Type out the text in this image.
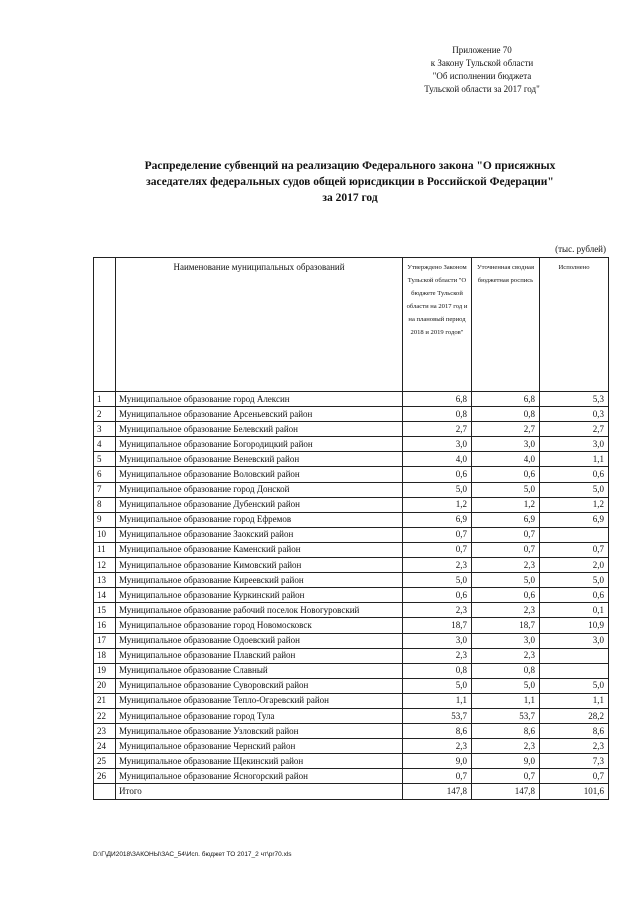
Приложение 70
к Закону Тульской области
"Об исполнении бюджета
Тульской области за 2017 год"
Распределение субвенций на реализацию Федерального закона "О присяжных
заседателях федеральных судов общей юрисдикции в Российской Федерации"
за 2017 год
(тыс. рублей)
	Наименование муниципальных образований	Утверждено Законом Тульской области "О бюджете Тульской области на 2017 год и на плановый период 2018 и 2019 годов"	Уточненная сводная бюджетная роспись	Исполнено
1	Муниципальное образование город Алексин	6,8	6,8	5,3
2	Муниципальное образование Арсеньевский район	0,8	0,8	0,3
3	Муниципальное образование Белевский район	2,7	2,7	2,7
4	Муниципальное образование Богородицкий район	3,0	3,0	3,0
5	Муниципальное образование Веневский район	4,0	4,0	1,1
6	Муниципальное образование Воловский район	0,6	0,6	0,6
7	Муниципальное образование город Донской	5,0	5,0	5,0
8	Муниципальное образование Дубенский район	1,2	1,2	1,2
9	Муниципальное образование город Ефремов	6,9	6,9	6,9
10	Муниципальное образование Заокский район	0,7	0,7	
11	Муниципальное образование Каменский район	0,7	0,7	0,7
12	Муниципальное образование Кимовский район	2,3	2,3	2,0
13	Муниципальное образование Киреевский район	5,0	5,0	5,0
14	Муниципальное образование Куркинский район	0,6	0,6	0,6
15	Муниципальное образование рабочий поселок Новогуровский	2,3	2,3	0,1
16	Муниципальное образование город Новомосковск	18,7	18,7	10,9
17	Муниципальное образование Одоевский район	3,0	3,0	3,0
18	Муниципальное образование Плавский район	2,3	2,3	
19	Муниципальное образование Славный	0,8	0,8	
20	Муниципальное образование Суворовский район	5,0	5,0	5,0
21	Муниципальное образование Тепло-Огаревский район	1,1	1,1	1,1
22	Муниципальное образование город Тула	53,7	53,7	28,2
23	Муниципальное образование Узловский район	8,6	8,6	8,6
24	Муниципальное образование Чернский район	2,3	2,3	2,3
25	Муниципальное образование Щекинский район	9,0	9,0	7,3
26	Муниципальное образование Ясногорский район	0,7	0,7	0,7
	Итого	147,8	147,8	101,6
D:\Г\ДИ2018\ЗАКОНЫ\ЗАС_54\Исп. бюджет ТО 2017_2 чт\pr70.xls
